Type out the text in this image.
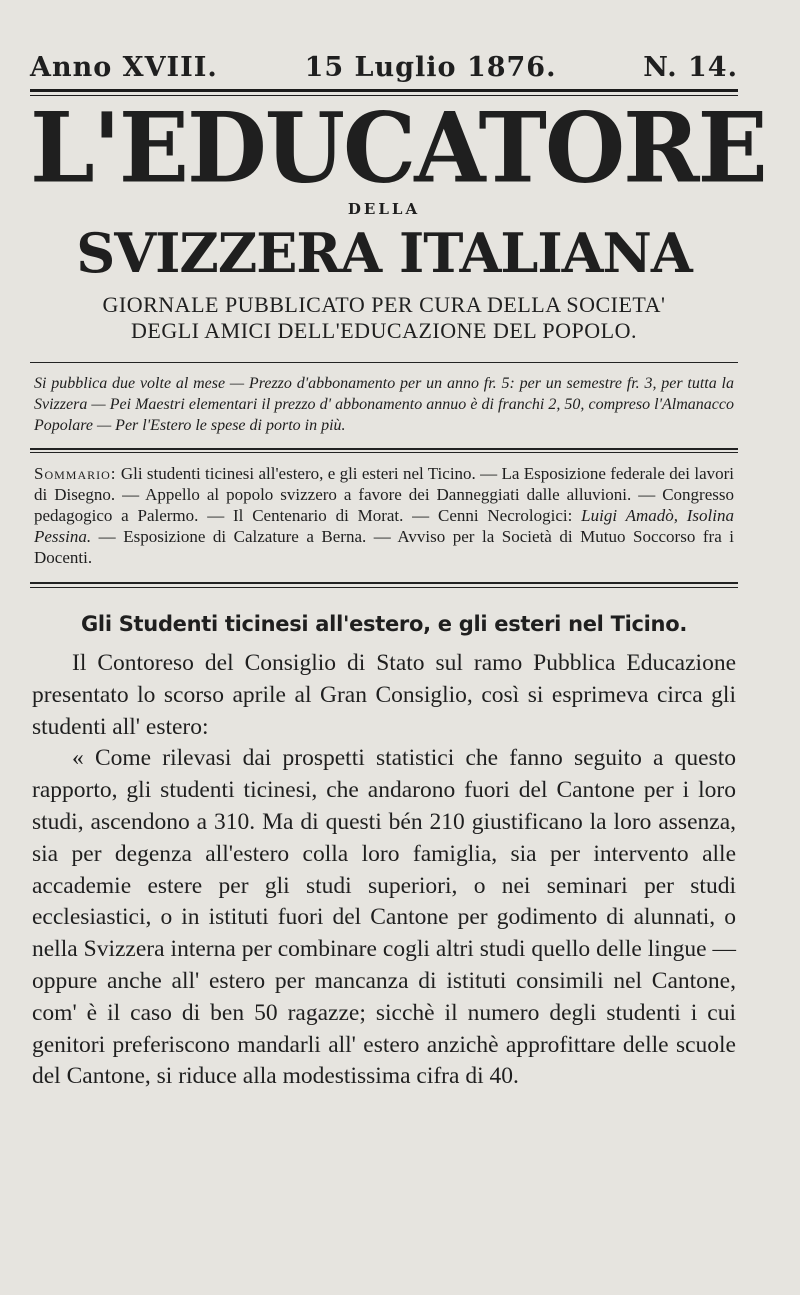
Anno XVIII.	15 Luglio 1876.	N. 14.
L'EDUCATORE
DELLA
SVIZZERA ITALIANA
GIORNALE PUBBLICATO PER CURA DELLA SOCIETA'
DEGLI AMICI DELL'EDUCAZIONE DEL POPOLO.
Si pubblica due volte al mese — Prezzo d'abbonamento per un anno fr. 5: per un semestre fr. 3, per tutta la Svizzera — Pei Maestri elementari il prezzo d' abbonamento annuo è di franchi 2, 50, compreso l'Almanacco Popolare — Per l'Estero le spese di porto in più.
Sommario: Gli studenti ticinesi all'estero, e gli esteri nel Ticino. — La Esposizione federale dei lavori di Disegno. — Appello al popolo svizzero a favore dei Danneggiati dalle alluvioni. — Congresso pedagogico a Palermo. — Il Centenario di Morat. — Cenni Necrologici: Luigi Amadò, Isolina Pessina. — Esposizione di Calzature a Berna. — Avviso per la Società di Mutuo Soccorso fra i Docenti.
Gli Studenti ticinesi all'estero, e gli esteri nel Ticino.

Il Contoreso del Consiglio di Stato sul ramo Pubblica Educazione presentato lo scorso aprile al Gran Consiglio, così si esprimeva circa gli studenti all' estero:

« Come rilevasi dai prospetti statistici che fanno seguito a questo rapporto, gli studenti ticinesi, che andarono fuori del Cantone per i loro studi, ascendono a 310. Ma di questi bén 210 giustificano la loro assenza, sia per degenza all'estero colla loro famiglia, sia per intervento alle accademie estere per gli studi superiori, o nei seminari per studi ecclesiastici, o in istituti fuori del Cantone per godimento di alunnati, o nella Svizzera interna per combinare cogli altri studi quello delle lingue — oppure anche all' estero per mancanza di istituti consimili nel Cantone, com' è il caso di ben 50 ragazze; sicchè il numero degli studenti i cui genitori preferiscono mandarli all' estero anzichè approfittare delle scuole del Cantone, si riduce alla modestissima cifra di 40.
